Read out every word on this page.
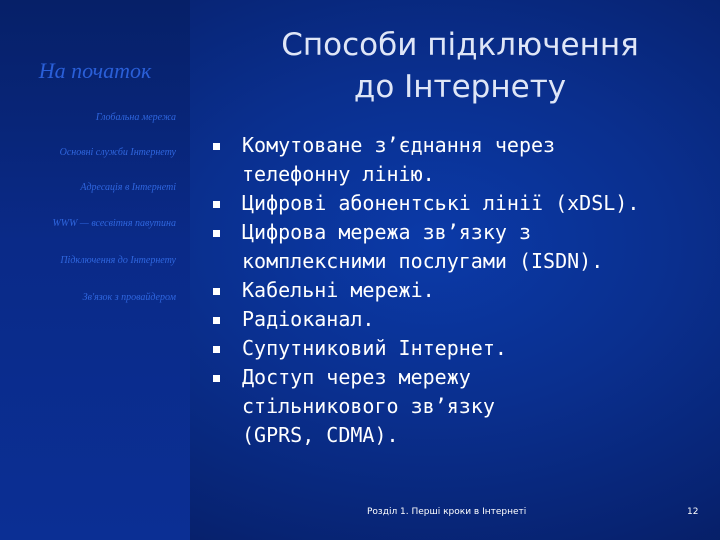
На початок
Глобальна мережа
Основні служби Інтернету
Адресація в Інтернеті
WWW — всесвітня павутина
Підключення до Інтернету
Зв'язок з провайдером
Способи підключення
до Інтернету
Комутоване з’єднання через
телефонну лінію.
Цифрові абонентські лінії (xDSL).
Цифрова мережа зв’язку з
комплексними послугами (ISDN).
Кабельні мережі.
Радіоканал.
Супутниковий Інтернет.
Доступ через мережу
стільникового зв’язку
(GPRS, CDMA).
Розділ 1. Перші кроки в Інтернеті	12
